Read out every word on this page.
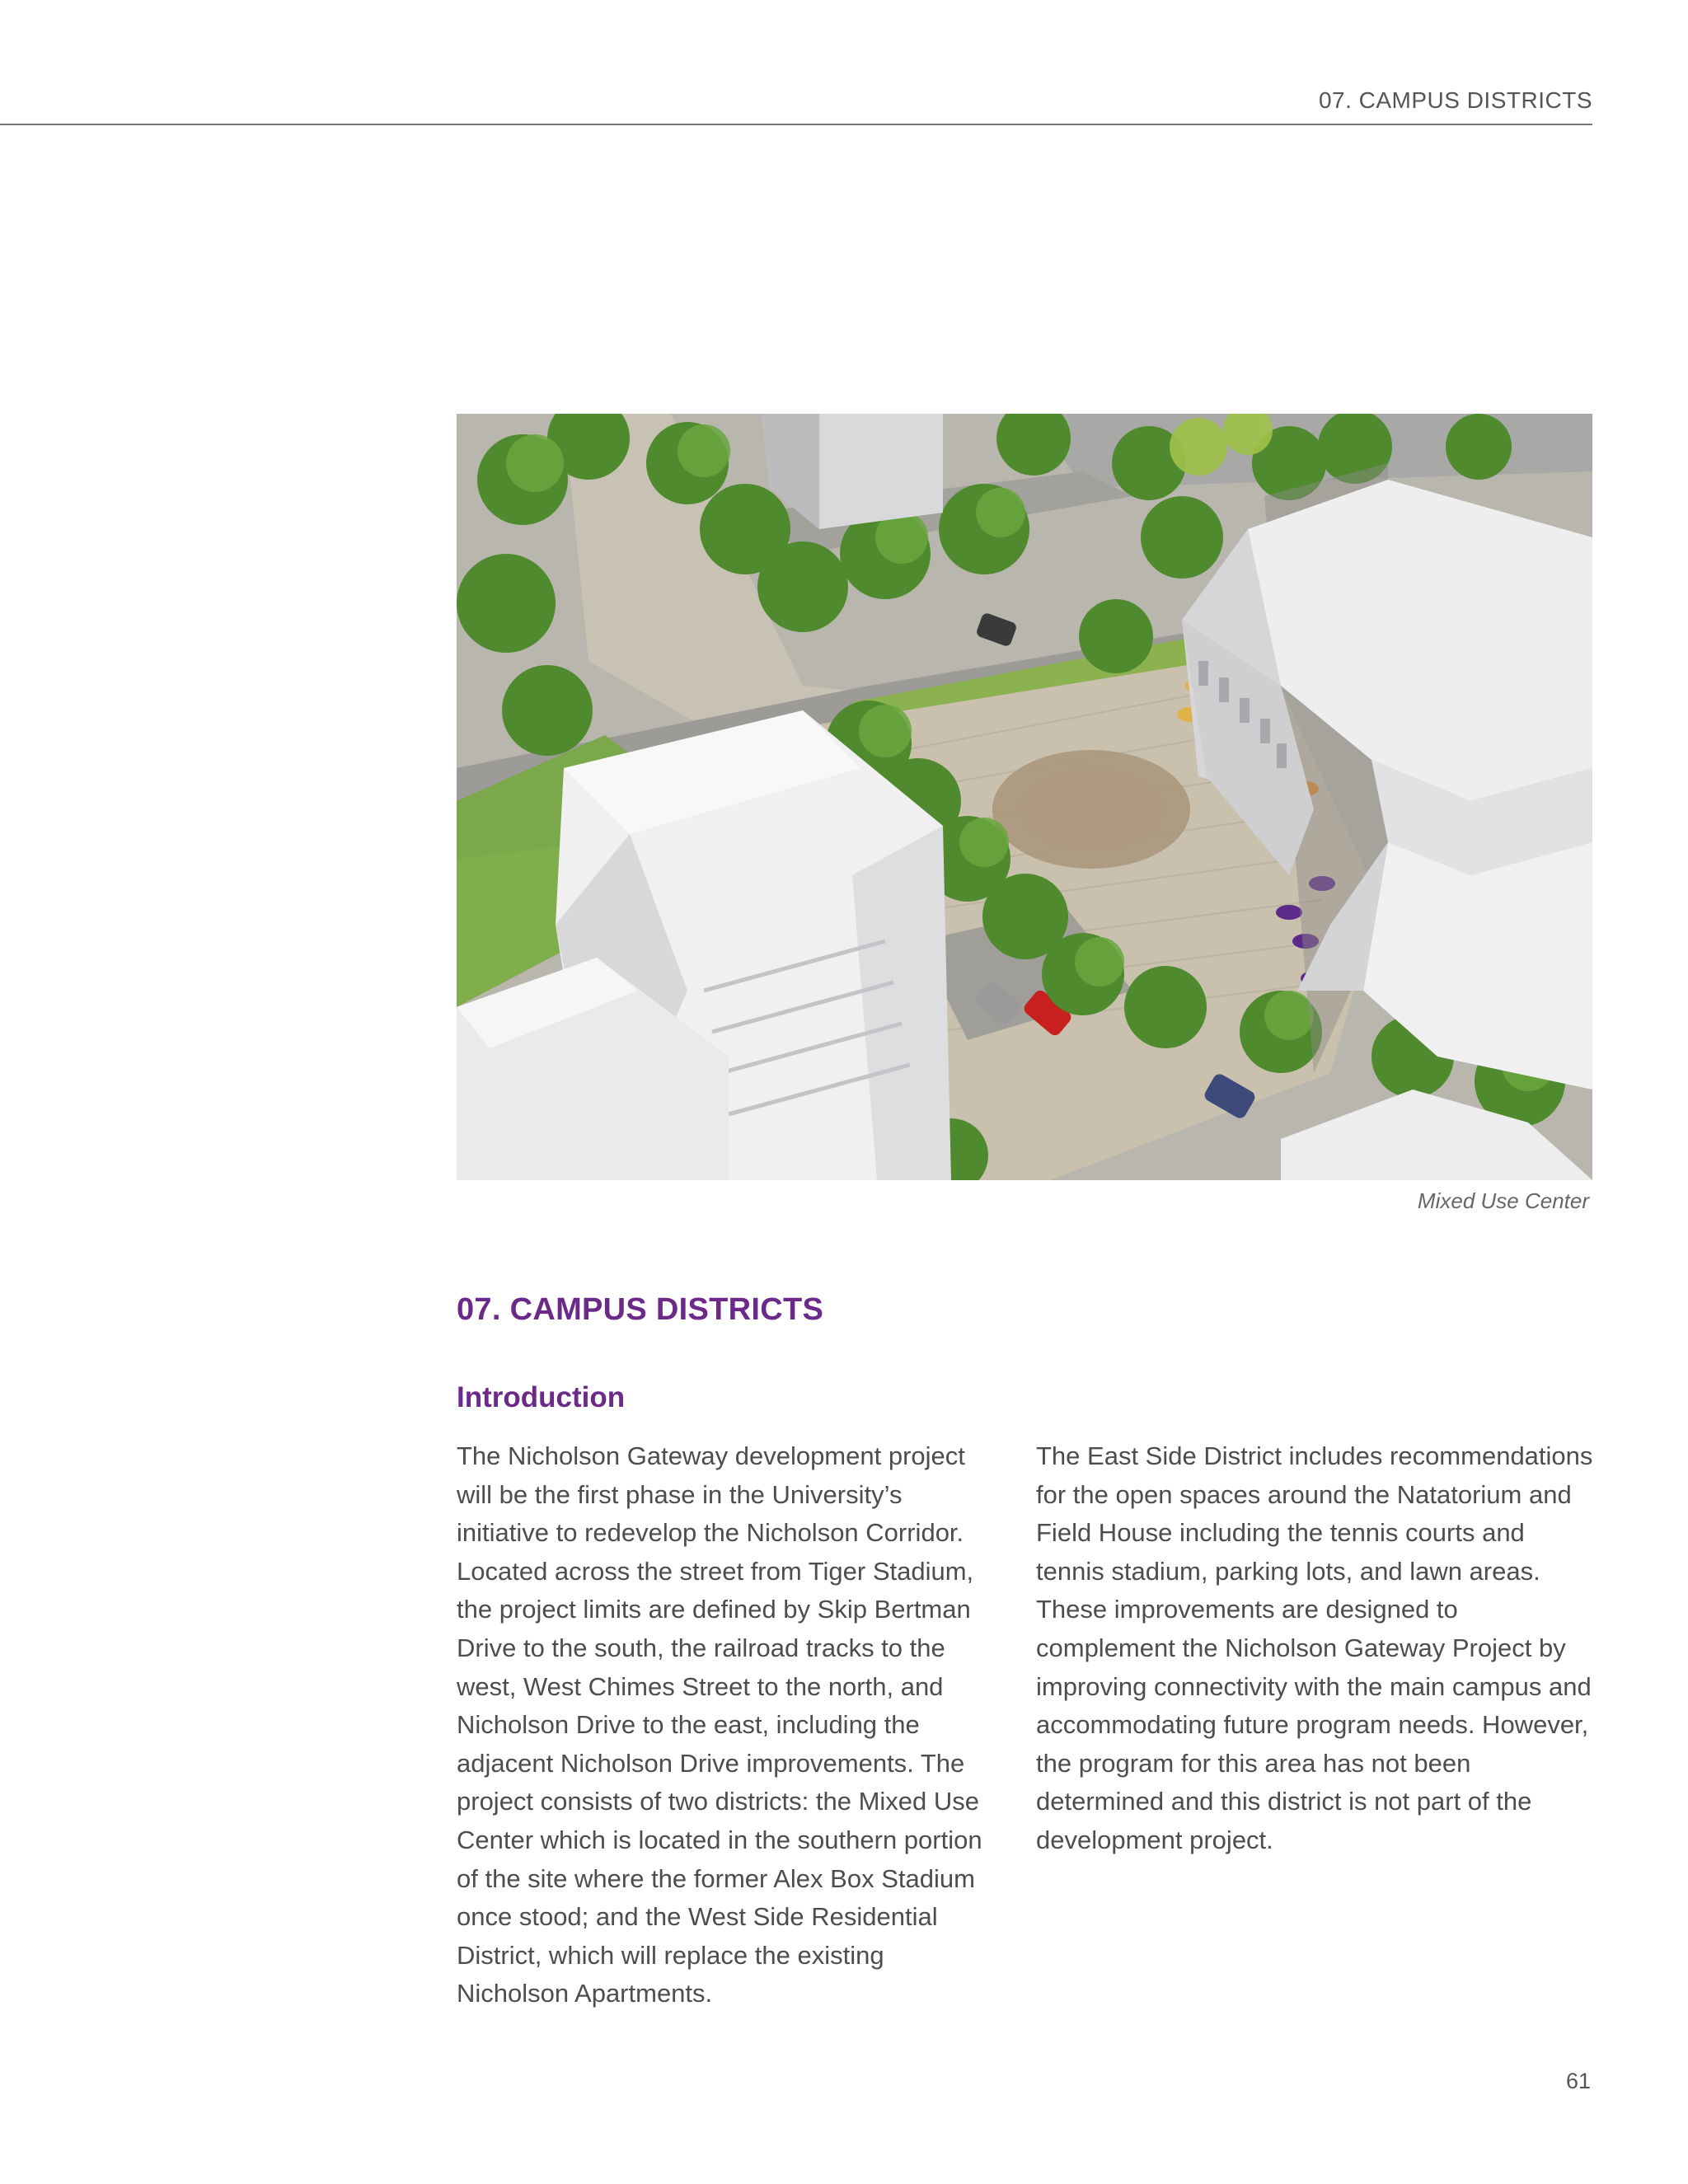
07. CAMPUS DISTRICTS
Mixed Use Center
07. CAMPUS DISTRICTS
Introduction

The Nicholson Gateway development project will be the first phase in the University’s initiative to redevelop the Nicholson Corridor. Located across the street from Tiger Stadium, the project limits are defined by Skip Bertman Drive to the south, the railroad tracks to the west, West Chimes Street to the north, and Nicholson Drive to the east, including the adjacent Nicholson Drive improvements. The project consists of two districts: the Mixed Use Center which is located in the southern portion of the site where the former Alex Box Stadium once stood; and the West Side Residential District, which will replace the existing Nicholson Apartments.

The East Side District includes recommendations for the open spaces around the Natatorium and Field House including the tennis courts and tennis stadium, parking lots, and lawn areas. These improvements are designed to complement the Nicholson Gateway Project by improving connectivity with the main campus and accommodating future program needs. However, the program for this area has not been determined and this district is not part of the development project.

61
